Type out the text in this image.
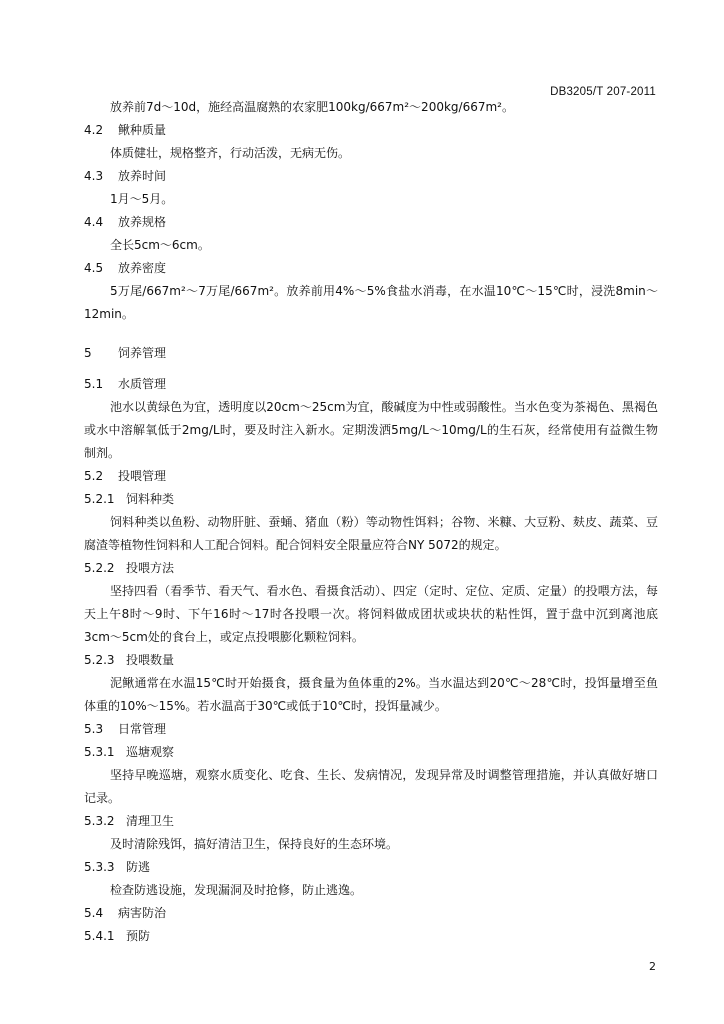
DB3205/T 207-2011
放养前7d～10d，施经高温腐熟的农家肥100kg/667m²～200kg/667m²。
4.2 鳅种质量
体质健壮，规格整齐，行动活泼，无病无伤。
4.3 放养时间
1月～5月。
4.4 放养规格
全长5cm～6cm。
4.5 放养密度
5万尾/667m²～7万尾/667m²。放养前用4%～5%食盐水消毒，在水温10℃～15℃时，浸洗8min～12min。
5 饲养管理
5.1 水质管理
池水以黄绿色为宜，透明度以20cm～25cm为宜，酸碱度为中性或弱酸性。当水色变为茶褐色、黑褐色或水中溶解氧低于2mg/L时，要及时注入新水。定期泼洒5mg/L～10mg/L的生石灰，经常使用有益微生物制剂。
5.2 投喂管理
5.2.1 饲料种类
饲料种类以鱼粉、动物肝脏、蚕蛹、猪血（粉）等动物性饵料；谷物、米糠、大豆粉、麸皮、蔬菜、豆腐渣等植物性饲料和人工配合饲料。配合饲料安全限量应符合NY 5072的规定。
5.2.2 投喂方法
坚持四看（看季节、看天气、看水色、看摄食活动）、四定（定时、定位、定质、定量）的投喂方法，每天上午8时～9时、下午16时～17时各投喂一次。将饲料做成团状或块状的粘性饵，置于盘中沉到离池底3cm～5cm处的食台上，或定点投喂膨化颗粒饲料。
5.2.3 投喂数量
泥鳅通常在水温15℃时开始摄食，摄食量为鱼体重的2%。当水温达到20℃～28℃时，投饵量增至鱼体重的10%～15%。若水温高于30℃或低于10℃时，投饵量减少。
5.3 日常管理
5.3.1 巡塘观察
坚持早晚巡塘，观察水质变化、吃食、生长、发病情况，发现异常及时调整管理措施，并认真做好塘口记录。
5.3.2 清理卫生
及时清除残饵，搞好清洁卫生，保持良好的生态环境。
5.3.3 防逃
检查防逃设施，发现漏洞及时抢修，防止逃逸。
5.4 病害防治
5.4.1 预防
2
